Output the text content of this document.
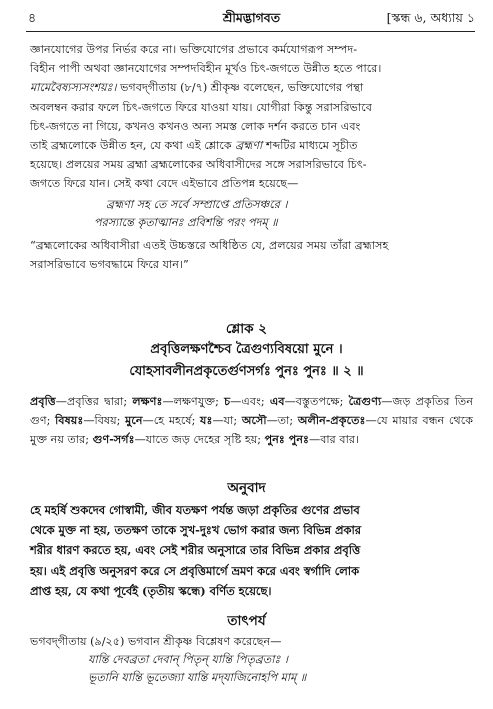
৪	শ্রীমদ্ভাগবত	[স্কন্ধ ৬, অধ্যায় ১
জ্ঞানযোগের উপর নির্ভর করে না। ভক্তিযোগের প্রভাবে কর্মযোগরূপ সম্পদ-
বিহীন পাপী অথবা জ্ঞানযোগের সম্পদবিহীন মূর্খও চিৎ-জগতে উন্নীত হতে পারে।
মামেবৈষ্যস্যসংশয়ঃ। ভগবদ্‌গীতায় (৮/৭) শ্রীকৃষ্ণ বলেছেন, ভক্তিযোগের পন্থা
অবলম্বন করার ফলে চিৎ-জগতে ফিরে যাওয়া যায়। যোগীরা কিন্তু সরাসরিভাবে
চিৎ-জগতে না গিয়ে, কখনও কখনও অন্য সমস্ত লোক দর্শন করতে চান এবং
তাই ব্রহ্মলোকে উন্নীত হন, যে কথা এই শ্লোকে ব্রহ্মণা শব্দটির মাধ্যমে সূচীত
হয়েছে। প্রলয়ের সময় ব্রহ্মা ব্রহ্মলোকের অধিবাসীদের সঙ্গে সরাসরিভাবে চিৎ-
জগতে ফিরে যান। সেই কথা বেদে এইভাবে প্রতিপন্ন হয়েছে—
ব্রহ্মণা সহ তে সর্বে সম্প্রাপ্তে প্রতিসঞ্চরে ।
পরস্যান্তে কৃতাত্মানঃ প্রবিশন্তি পরং পদম্ ॥
“ব্রহ্মলোকের অধিবাসীরা এতই উচ্চস্তরে অধিষ্ঠিত যে, প্রলয়ের সময় তাঁরা ব্রহ্মাসহ
সরাসরিভাবে ভগবদ্ধামে ফিরে যান।”
শ্লোক ২
প্রবৃত্তিলক্ষণশ্চৈব ত্রৈগুণ্যবিষয়ো মুনে ।
যোহসাবলীনপ্রকৃতের্গুণসর্গঃ পুনঃ পুনঃ ॥ ২ ॥
প্রবৃত্তি—প্রবৃত্তির দ্বারা; লক্ষণঃ—লক্ষণযুক্ত; চ—এবং; এব—বস্তুতপক্ষে; ত্রৈগুণ্য—জড় প্রকৃতির তিন গুণ; বিষয়ঃ—বিষয়; মুনে—হে মহর্ষে; যঃ—যা; অসৌ—তা; অলীন-প্রকৃতেঃ—যে মায়ার বন্ধন থেকে মুক্ত নয় তার; গুণ-সর্গঃ—যাতে জড় দেহের সৃষ্টি হয়; পুনঃ পুনঃ—বার বার।
অনুবাদ
হে মহর্ষি শুকদেব গোস্বামী, জীব যতক্ষণ পর্যন্ত জড়া প্রকৃতির গুণের প্রভাব
থেকে মুক্ত না হয়, ততক্ষণ তাকে সুখ-দুঃখ ভোগ করার জন্য বিভিন্ন প্রকার
শরীর ধারণ করতে হয়, এবং সেই শরীর অনুসারে তার বিভিন্ন প্রকার প্রবৃত্তি
হয়। এই প্রবৃত্তি অনুসরণ করে সে প্রবৃত্তিমার্গে ভ্রমণ করে এবং স্বর্গাদি লোক
প্রাপ্ত হয়, যে কথা পূর্বেই (তৃতীয় স্কন্ধে) বর্ণিত হয়েছে।
তাৎপর্য
ভগবদ্‌গীতায় (৯/২৫) ভগবান শ্রীকৃষ্ণ বিশ্লেষণ করেছেন—
যান্তি দেবব্রতা দেবান্ পিতৃন্ যান্তি পিতৃব্রতাঃ ।
ভূতানি যান্তি ভূতেজ্যা যান্তি মদ্‌যাজিনোহপি মাম্ ॥
